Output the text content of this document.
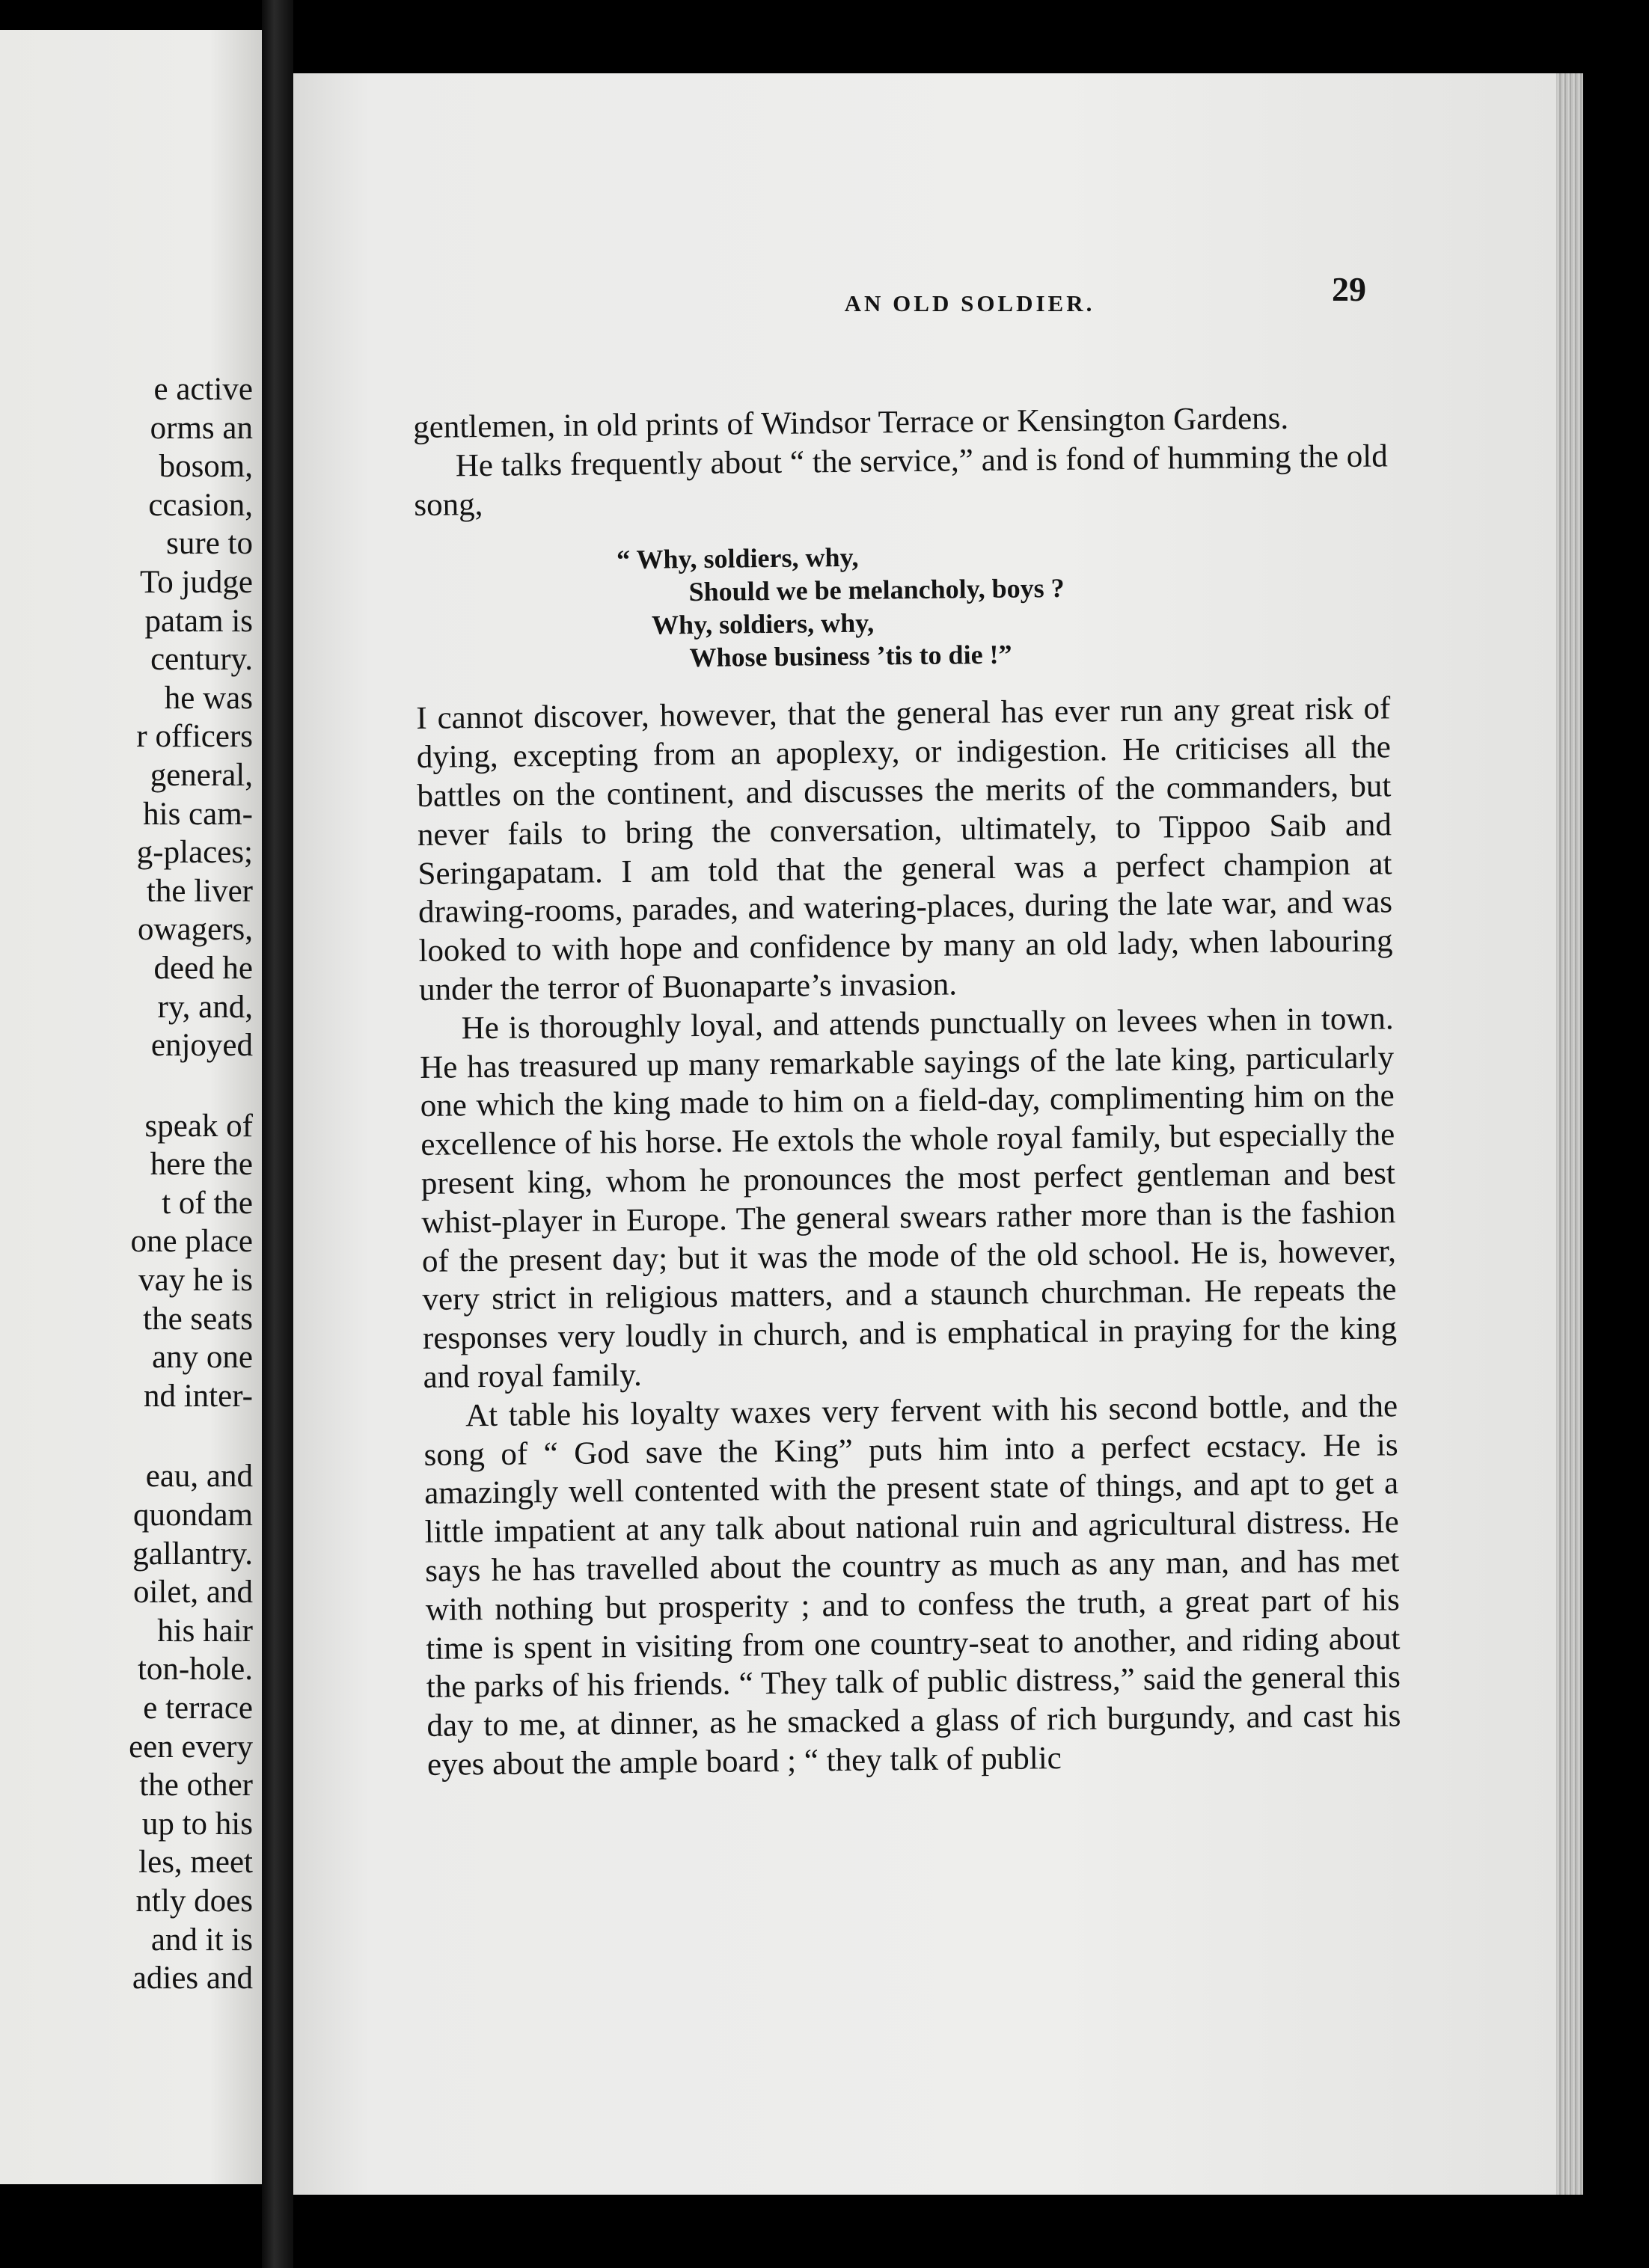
e active
orms an
bosom,
ccasion,
sure to
To judge
patam is
century.
he was
r officers
general,
his cam-
g-places;
the liver
owagers,
deed he
ry, and,
enjoyed
speak of
here the
t of the
one place
vay he is
the seats
any one
nd inter-
eau, and
quondam
gallantry.
oilet, and
his hair
ton-hole.
e terrace
een every
the other
up to his
les, meet
ntly does
and it is
adies and
AN OLD SOLDIER.	29

gentlemen, in old prints of Windsor Terrace or Kensington Gardens.

He talks frequently about “ the service,” and is fond of humming the old song,

“ Why, soldiers, why,
Should we be melancholy, boys ?
Why, soldiers, why,
Whose business ’tis to die !”

I cannot discover, however, that the general has ever run any great risk of dying, excepting from an apoplexy, or indigestion. He criticises all the battles on the continent, and discusses the merits of the commanders, but never fails to bring the conversation, ultimately, to Tippoo Saib and Seringapatam. I am told that the general was a perfect champion at drawing-rooms, parades, and watering-places, during the late war, and was looked to with hope and confidence by many an old lady, when labouring under the terror of Buonaparte’s invasion.

He is thoroughly loyal, and attends punctually on levees when in town. He has treasured up many remarkable sayings of the late king, particularly one which the king made to him on a field-day, complimenting him on the excellence of his horse. He extols the whole royal family, but especially the present king, whom he pronounces the most perfect gentleman and best whist-player in Europe. The general swears rather more than is the fashion of the present day; but it was the mode of the old school. He is, however, very strict in religious matters, and a staunch churchman. He repeats the responses very loudly in church, and is emphatical in praying for the king and royal family.

At table his loyalty waxes very fervent with his second bottle, and the song of “ God save the King” puts him into a perfect ecstacy. He is amazingly well contented with the present state of things, and apt to get a little impatient at any talk about national ruin and agricultural distress. He says he has travelled about the country as much as any man, and has met with nothing but prosperity ; and to confess the truth, a great part of his time is spent in visiting from one country-seat to another, and riding about the parks of his friends. “ They talk of public distress,” said the general this day to me, at dinner, as he smacked a glass of rich burgundy, and cast his eyes about the ample board ; “ they talk of public
